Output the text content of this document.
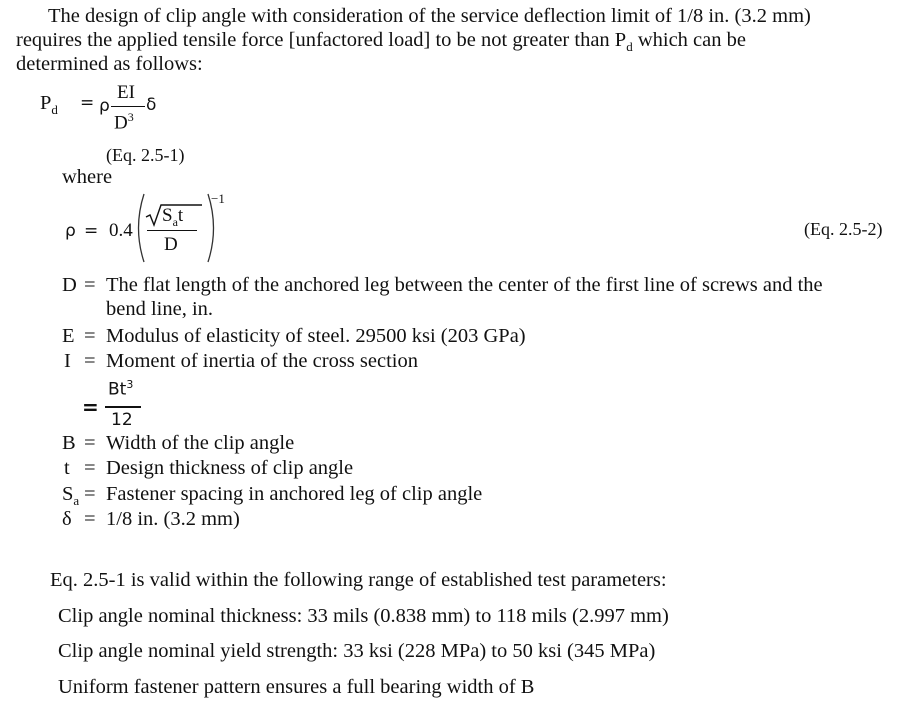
The design of clip angle with consideration of the service deflection limit of 1/8 in. (3.2 mm)
requires the applied tensile force [unfactored load] to be not greater than $P_d$ which can be
determined as follows:
$P_d = \rho$
EI
$D^3$
δ
(Eq. 2.5-1)
where
ρ = 0.4
$S_at$
D
−1
(Eq. 2.5-2)
D = The flat length of the anchored leg between the center of the first line of screws and the
bend line, in.
E = Modulus of elasticity of steel. 29500 ksi (203 GPa)
I = Moment of inertia of the cross section
=
$Bt^3$
12
B = Width of the clip angle
t = Design thickness of clip angle
$S_a$ = Fastener spacing in anchored leg of clip angle
δ = 1/8 in. (3.2 mm)
Eq. 2.5-1 is valid within the following range of established test parameters:
Clip angle nominal thickness: 33 mils (0.838 mm) to 118 mils (2.997 mm)
Clip angle nominal yield strength: 33 ksi (228 MPa) to 50 ksi (345 MPa)
Uniform fastener pattern ensures a full bearing width of B
